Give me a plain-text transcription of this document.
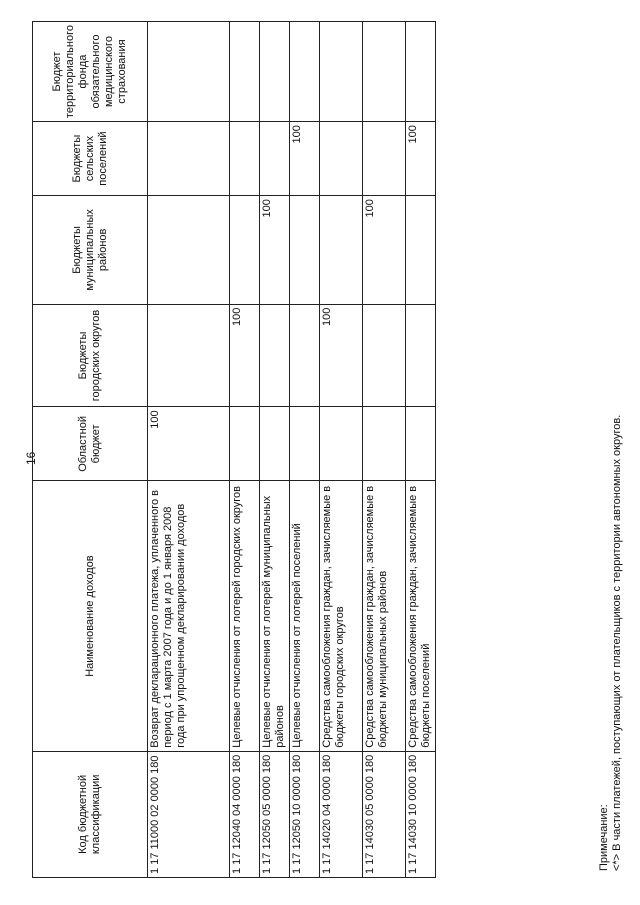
16
Код бюджетной классификации	Наименование доходов	Областной бюджет	Бюджеты городских округов	Бюджеты муниципальных районов	Бюджеты сельских поселений	Бюджет территориального фонда обязательного медицинского страхования
1 17 11000 02 0000 180	Возврат декларационного платежа, уплаченного в период с 1 марта 2007 года и до 1 января 2008 года при упрощенном декларировании доходов	100				
1 17 12040 04 0000 180	Целевые отчисления от лотерей городских округов		100			
1 17 12050 05 0000 180	Целевые отчисления от лотерей муниципальных районов			100		
1 17 12050 10 0000 180	Целевые отчисления от лотерей поселений				100	
1 17 14020 04 0000 180	Средства самообложения граждан, зачисляемые в бюджеты городских округов		100			
1 17 14030 05 0000 180	Средства самообложения граждан, зачисляемые в бюджеты муниципальных районов			100		
1 17 14030 10 0000 180	Средства самообложения граждан, зачисляемые в бюджеты поселений				100	
Примечание: <*> В части платежей, поступающих от плательщиков с территории автономных округов.
